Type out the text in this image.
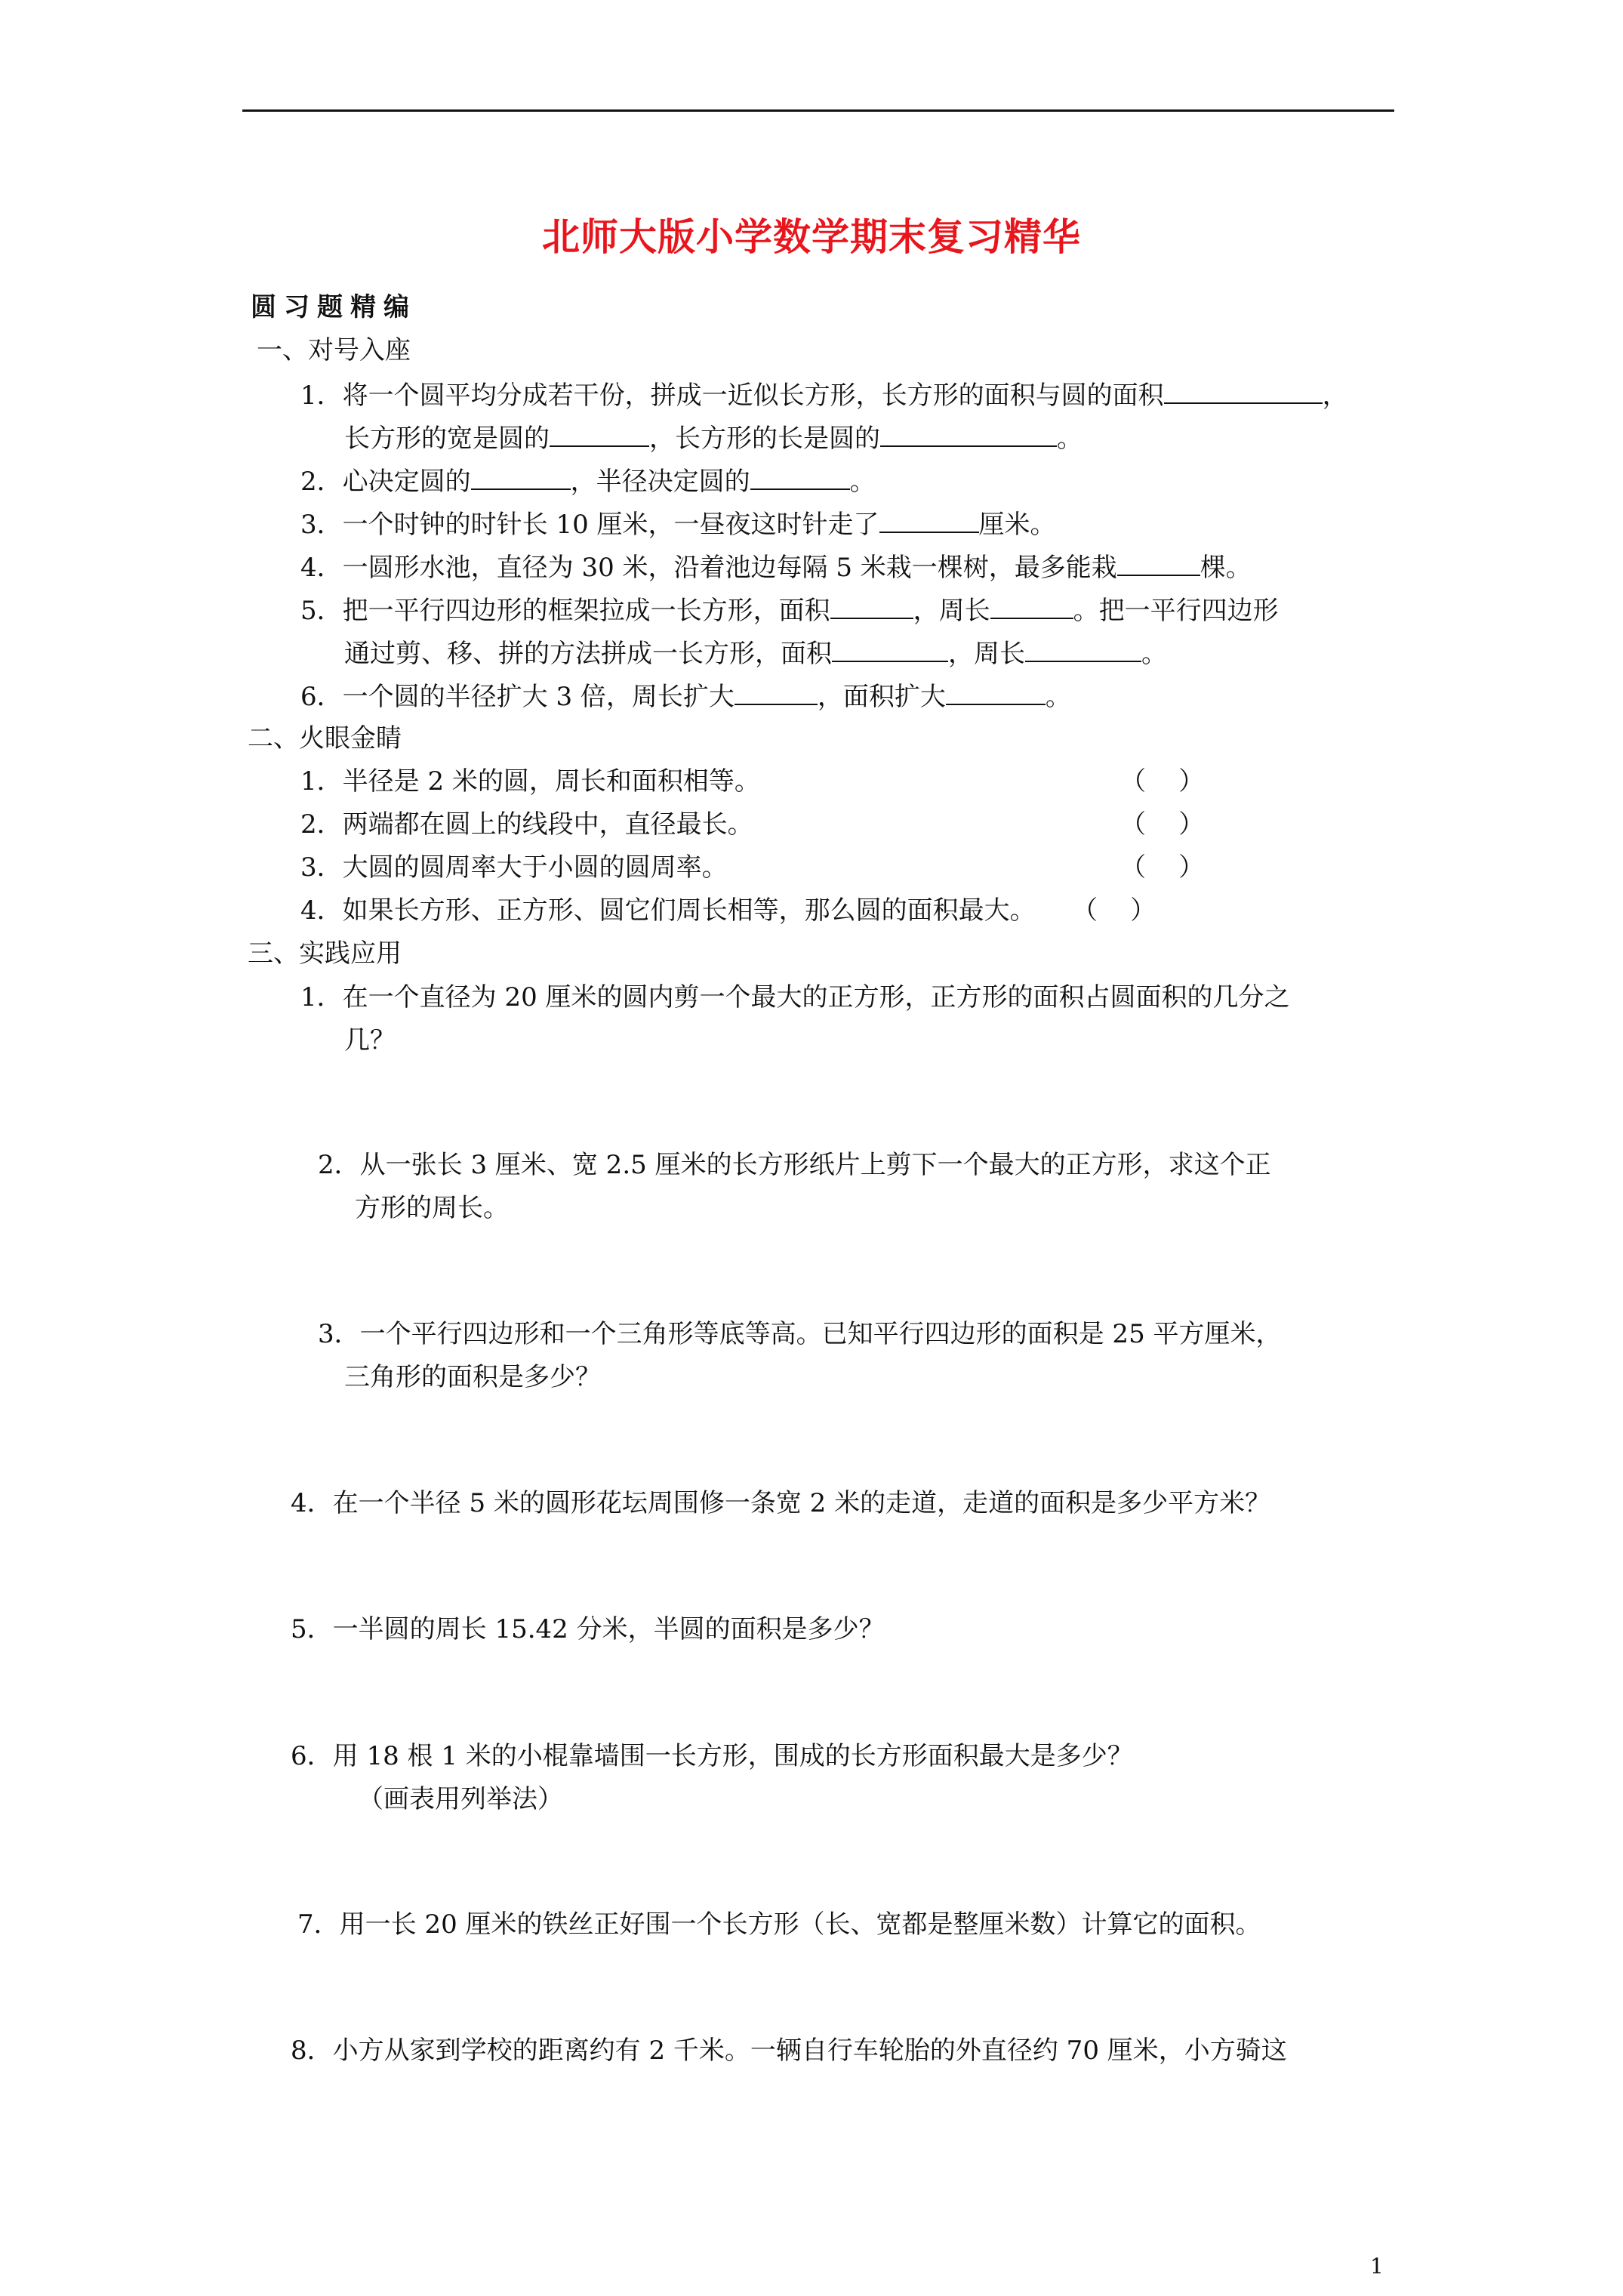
北师大版小学数学期末复习精华
圆习题精编
一、对号入座
1．将一个圆平均分成若干份，拼成一近似长方形，长方形的面积与圆的面积	，
长方形的宽是圆的	，长方形的长是圆的	。
2．心决定圆的	，半径决定圆的	。
3．一个时钟的时针长 10 厘米，一昼夜这时针走了	厘米。
4．一圆形水池，直径为 30 米，沿着池边每隔 5 米栽一棵树，最多能栽	棵。
5．把一平行四边形的框架拉成一长方形，面积	，周长	。把一平行四边形
通过剪、移、拼的方法拼成一长方形，面积	，周长	。
6．一个圆的半径扩大 3 倍，周长扩大	，面积扩大	。
二、火眼金睛
1．半径是 2 米的圆，周长和面积相等。	（    ）
2．两端都在圆上的线段中，直径最长。	（    ）
3．大圆的圆周率大于小圆的圆周率。	（    ）
4．如果长方形、正方形、圆它们周长相等，那么圆的面积最大。 （    ）
三、实践应用
1．在一个直径为 20 厘米的圆内剪一个最大的正方形，正方形的面积占圆面积的几分之
几？
2．从一张长 3 厘米、宽 2.5 厘米的长方形纸片上剪下一个最大的正方形，求这个正
方形的周长。
3．一个平行四边形和一个三角形等底等高。已知平行四边形的面积是 25 平方厘米，
三角形的面积是多少？
4．在一个半径 5 米的圆形花坛周围修一条宽 2 米的走道，走道的面积是多少平方米？
5．一半圆的周长 15.42 分米，半圆的面积是多少？
6．用 18 根 1 米的小棍靠墙围一长方形，围成的长方形面积最大是多少？
（画表用列举法）
7．用一长 20 厘米的铁丝正好围一个长方形（长、宽都是整厘米数）计算它的面积。
8．小方从家到学校的距离约有 2 千米。一辆自行车轮胎的外直径约 70 厘米，小方骑这
1
